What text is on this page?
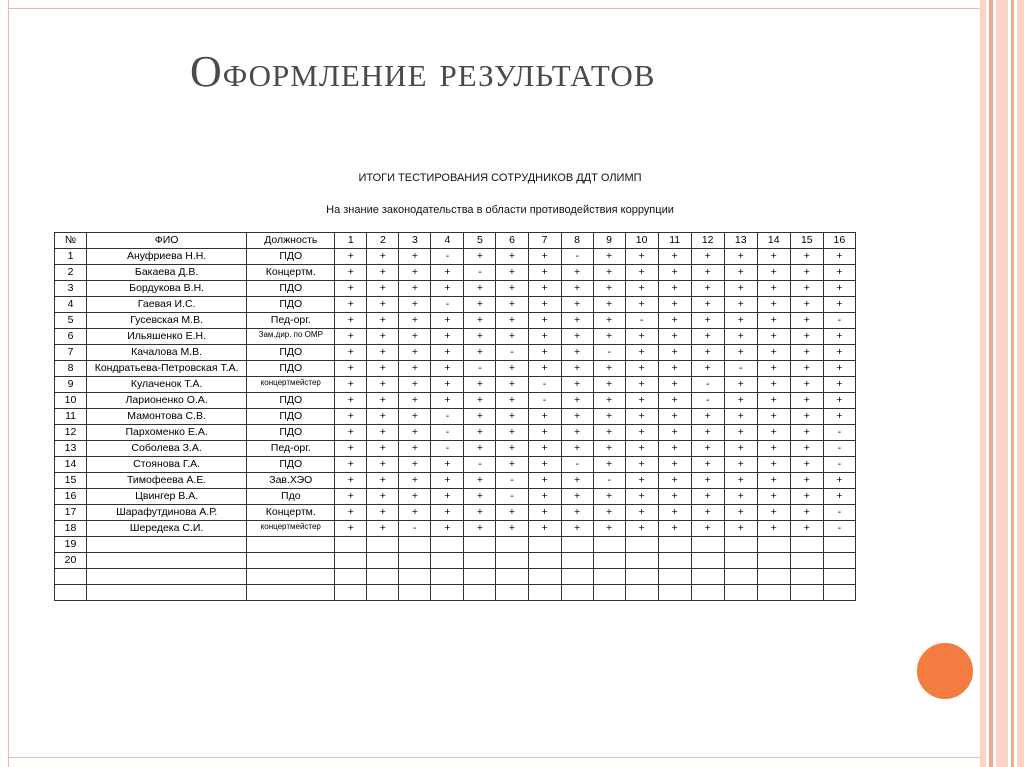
Оформление результатов
ИТОГИ ТЕСТИРОВАНИЯ СОТРУДНИКОВ ДДТ ОЛИМП
На знание законодательства в области противодействия коррупции
№	ФИО	Должность	1	2	3	4	5	6	7	8	9	10	11	12	13	14	15	16
1	Ануфриева Н.Н.	ПДО	+	+	+	-	+	+	+	-	+	+	+	+	+	+	+	+
2	Бакаева Д.В.	Концертм.	+	+	+	+	-	+	+	+	+	+	+	+	+	+	+	+
3	Бордукова В.Н.	ПДО	+	+	+	+	+	+	+	+	+	+	+	+	+	+	+	+
4	Гаевая И.С.	ПДО	+	+	+	-	+	+	+	+	+	+	+	+	+	+	+	+
5	Гусевская М.В.	Пед-орг.	+	+	+	+	+	+	+	+	+	-	+	+	+	+	+	-
6	Ильяшенко Е.Н.	Зам.дир. по ОМР	+	+	+	+	+	+	+	+	+	+	+	+	+	+	+	+
7	Качалова М.В.	ПДО	+	+	+	+	+	-	+	+	-	+	+	+	+	+	+	+
8	Кондратьева-Петровская Т.А.	ПДО	+	+	+	+	-	+	+	+	+	+	+	+	-	+	+	+
9	Кулаченок Т.А.	концертмейстер	+	+	+	+	+	+	-	+	+	+	+	-	+	+	+	+
10	Ларионенко О.А.	ПДО	+	+	+	+	+	+	-	+	+	+	+	-	+	+	+	+
11	Мамонтова С.В.	ПДО	+	+	+	-	+	+	+	+	+	+	+	+	+	+	+	+
12	Пархоменко Е.А.	ПДО	+	+	+	-	+	+	+	+	+	+	+	+	+	+	+	-
13	Соболева З.А.	Пед-орг.	+	+	+	-	+	+	+	+	+	+	+	+	+	+	+	-
14	Стоянова Г.А.	ПДО	+	+	+	+	-	+	+	-	+	+	+	+	+	+	+	-
15	Тимофеева А.Е.	Зав.ХЭО	+	+	+	+	+	-	+	+	-	+	+	+	+	+	+	+
16	Цвингер В.А.	Пдо	+	+	+	+	+	-	+	+	+	+	+	+	+	+	+	+
17	Шарафутдинова А.Р.	Концертм.	+	+	+	+	+	+	+	+	+	+	+	+	+	+	+	-
18	Шередека С.И.	концертмейстер	+	+	-	+	+	+	+	+	+	+	+	+	+	+	+	-
19																		
20																		
